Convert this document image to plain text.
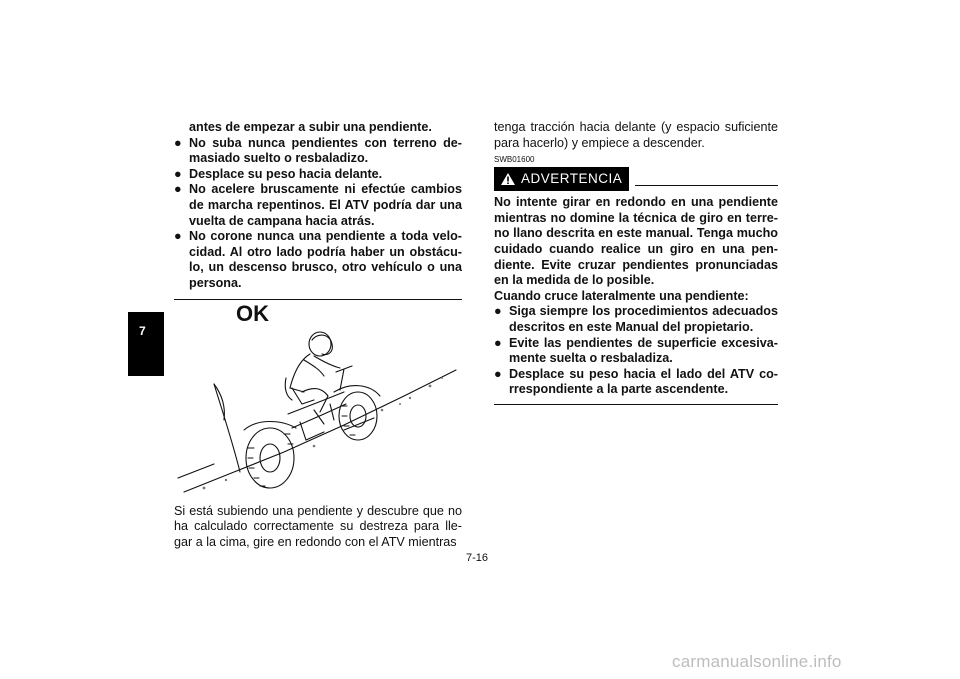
7
antes de empezar a subir una pendiente.
● No suba nunca pendientes con terreno de-masiado suelto o resbaladizo.
● Desplace su peso hacia delante.
● No acelere bruscamente ni efectúe cambios de marcha repentinos. El ATV podría dar una vuelta de campana hacia atrás.
● No corone nunca una pendiente a toda velo-cidad. Al otro lado podría haber un obstácu-lo, un descenso brusco, otro vehículo o una persona.
OK
Si está subiendo una pendiente y descubre que no ha calculado correctamente su destreza para lle-gar a la cima, gire en redondo con el ATV mientras
tenga tracción hacia delante (y espacio suficiente para hacerlo) y empiece a descender.
SWB01600
ADVERTENCIA
No intente girar en redondo en una pendiente mientras no domine la técnica de giro en terre-no llano descrita en este manual. Tenga mucho cuidado cuando realice un giro en una pen-diente. Evite cruzar pendientes pronunciadas en la medida de lo posible.
Cuando cruce lateralmente una pendiente:
● Siga siempre los procedimientos adecuados descritos en este Manual del propietario.
● Evite las pendientes de superficie excesiva-mente suelta o resbaladiza.
● Desplace su peso hacia el lado del ATV co-rrespondiente a la parte ascendente.
7-16
carmanualsonline.info
